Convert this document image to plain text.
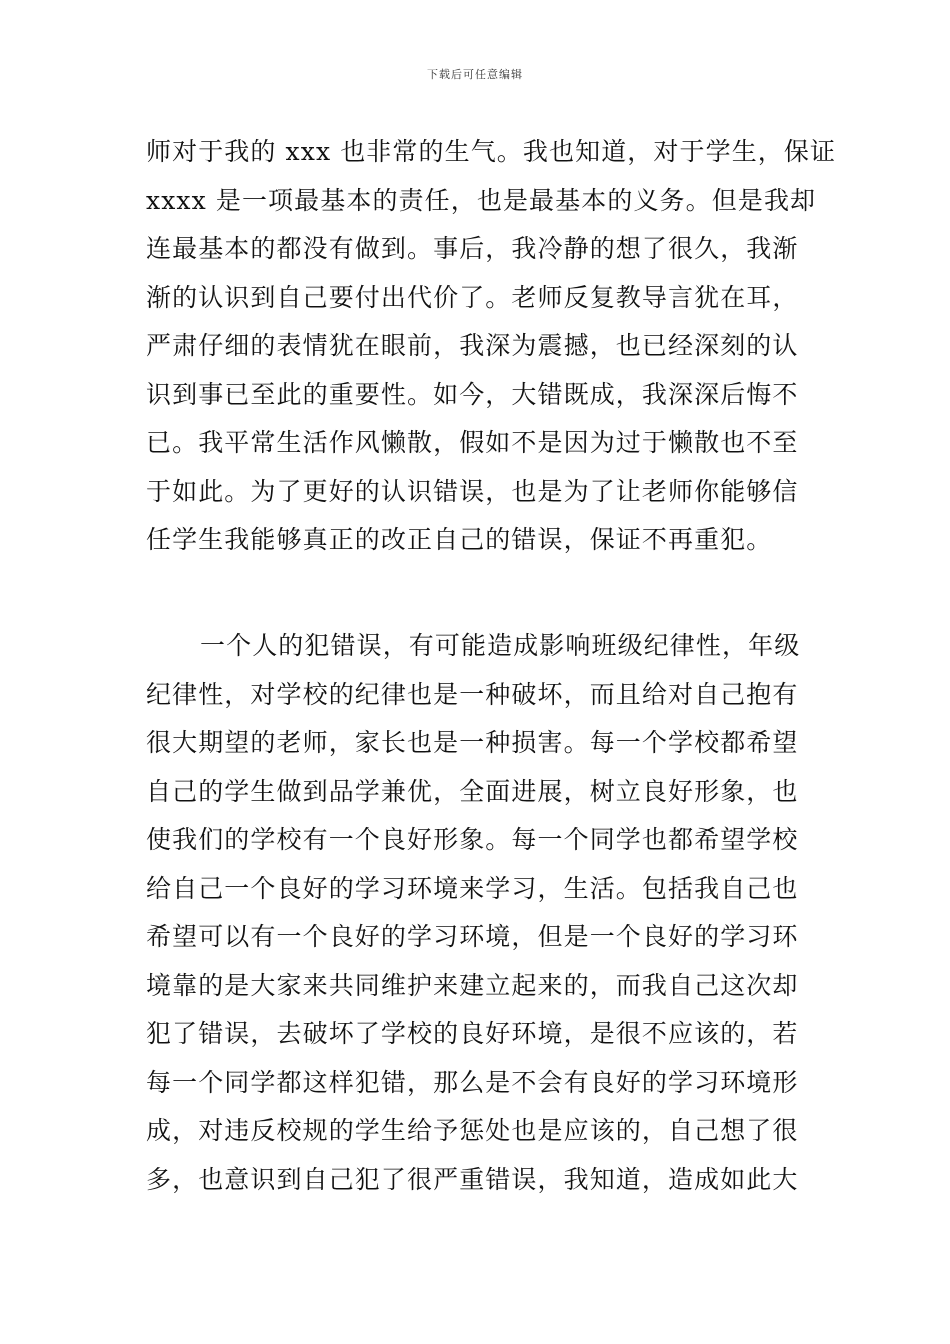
下载后可任意编辑
师对于我的 xxx 也非常的生气。我也知道，对于学生，保证
xxxx 是一项最基本的责任，也是最基本的义务。但是我却
连最基本的都没有做到。事后，我冷静的想了很久，我渐
渐的认识到自己要付出代价了。老师反复教导言犹在耳，
严肃仔细的表情犹在眼前，我深为震撼，也已经深刻的认
识到事已至此的重要性。如今，大错既成，我深深后悔不
已。我平常生活作风懒散，假如不是因为过于懒散也不至
于如此。为了更好的认识错误，也是为了让老师你能够信
任学生我能够真正的改正自己的错误，保证不再重犯。
一个人的犯错误，有可能造成影响班级纪律性，年级
纪律性，对学校的纪律也是一种破坏，而且给对自己抱有
很大期望的老师，家长也是一种损害。每一个学校都希望
自己的学生做到品学兼优，全面进展，树立良好形象，也
使我们的学校有一个良好形象。每一个同学也都希望学校
给自己一个良好的学习环境来学习，生活。包括我自己也
希望可以有一个良好的学习环境，但是一个良好的学习环
境靠的是大家来共同维护来建立起来的，而我自己这次却
犯了错误，去破坏了学校的良好环境，是很不应该的，若
每一个同学都这样犯错，那么是不会有良好的学习环境形
成，对违反校规的学生给予惩处也是应该的，自己想了很
多，也意识到自己犯了很严重错误，我知道，造成如此大
